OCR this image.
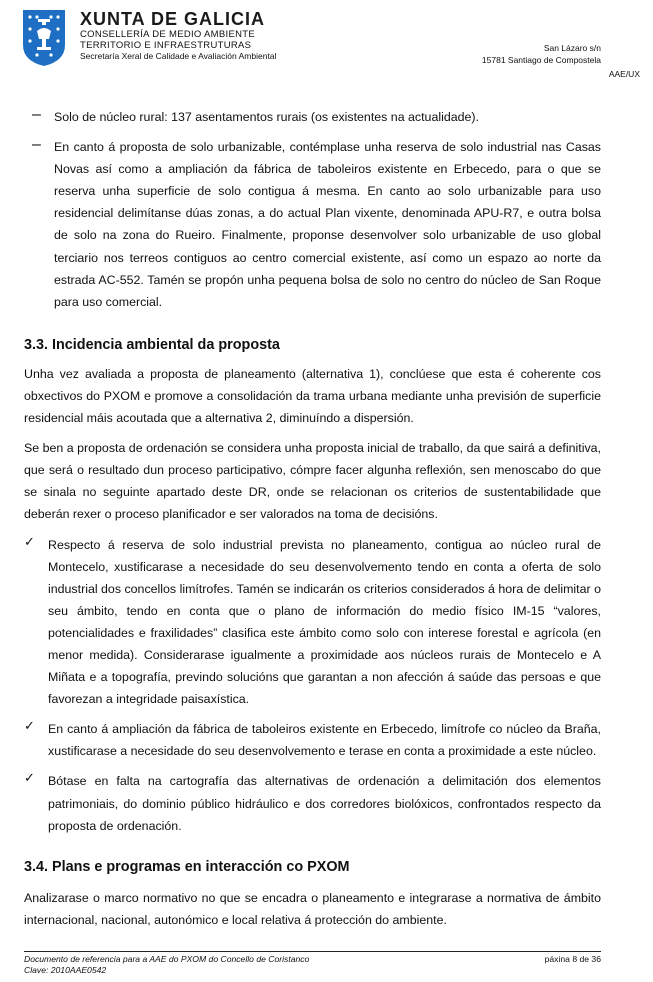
XUNTA DE GALICIA
CONSELLERÍA DE MEDIO AMBIENTE
TERRITORIO E INFRAESTRUTURAS
Secretaría Xeral de Calidade e Avaliación Ambiental
San Lázaro s/n
15781 Santiago de Compostela
AAE/UX
– Solo de núcleo rural: 137 asentamentos rurais (os existentes na actualidade).

– En canto á proposta de solo urbanizable, contémplase unha reserva de solo industrial nas Casas Novas así como a ampliación da fábrica de taboleiros existente en Erbecedo, para o que se reserva unha superficie de solo contigua á mesma. En canto ao solo urbanizable para uso residencial delimítanse dúas zonas, a do actual Plan vixente, denominada APU-R7, e outra bolsa de solo na zona do Rueiro. Finalmente, proponse desenvolver solo urbanizable de uso global terciario nos terreos contiguos ao centro comercial existente, así como un espazo ao norte da estrada AC-552. Tamén se propón unha pequena bolsa de solo no centro do núcleo de San Roque para uso comercial.

3.3. Incidencia ambiental da proposta

Unha vez avaliada a proposta de planeamento (alternativa 1), conclúese que esta é coherente cos obxectivos do PXOM e promove a consolidación da trama urbana mediante unha previsión de superficie residencial máis acoutada que a alternativa 2, diminuíndo a dispersión.

Se ben a proposta de ordenación se considera unha proposta inicial de traballo, da que sairá a definitiva, que será o resultado dun proceso participativo, cómpre facer algunha reflexión, sen menoscabo do que se sinala no seguinte apartado deste DR, onde se relacionan os criterios de sustentabilidade que deberán rexer o proceso planificador e ser valorados na toma de decisións.

✓ Respecto á reserva de solo industrial prevista no planeamento, contigua ao núcleo rural de Montecelo, xustificarase a necesidade do seu desenvolvemento tendo en conta a oferta de solo industrial dos concellos limítrofes. Tamén se indicarán os criterios considerados á hora de delimitar o seu ámbito, tendo en conta que o plano de información do medio físico IM-15 “valores, potencialidades e fraxilidades” clasifica este ámbito como solo con interese forestal e agrícola (en menor medida). Considerarase igualmente a proximidade aos núcleos rurais de Montecelo e A Miñata e a topografía, previndo solucións que garantan a non afección á saúde das persoas e que favorezan a integridade paisaxística.

✓ En canto á ampliación da fábrica de taboleiros existente en Erbecedo, limítrofe co núcleo da Braña, xustificarase a necesidade do seu desenvolvemento e terase en conta a proximidade a este núcleo.

✓ Bótase en falta na cartografía das alternativas de ordenación a delimitación dos elementos patrimoniais, do dominio público hidráulico e dos corredores biolóxicos, confrontados respecto da proposta de ordenación.

3.4. Plans e programas en interacción co PXOM

Analizarase o marco normativo no que se encadra o planeamento e integrarase a normativa de ámbito internacional, nacional, autonómico e local relativa á protección do ambiente.

Documento de referencia para a AAE do PXOM do Concello de Coristanco
Clave: 2010AAE0542
páxina 8 de 36
